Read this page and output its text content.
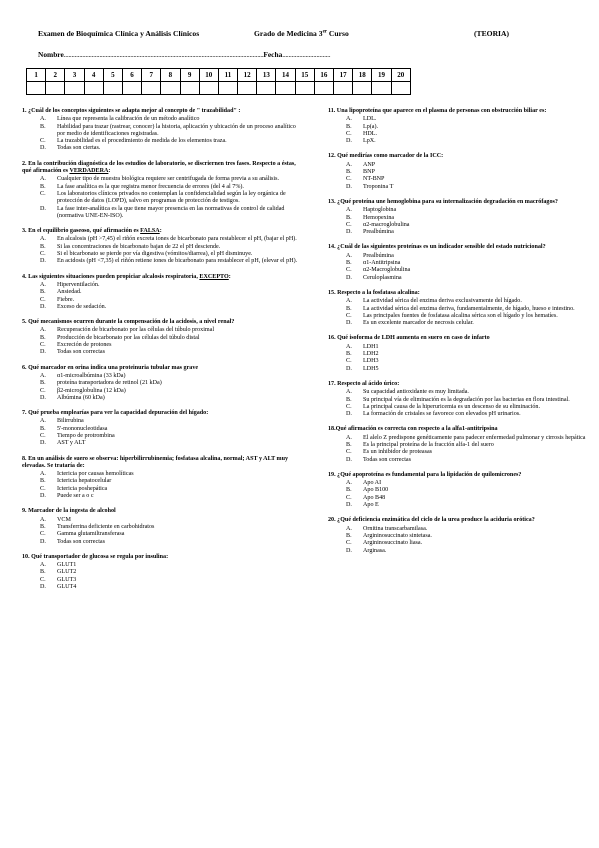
Examen de Bioquímica Clínica y Análisis Clínicos	Grado de Medicina 3er Curso	(TEORIA)
Nombre.................................................................................................................................Fecha...............................
1	2	3	4	5	6	7	8	9	10	11	12	13	14	15	16	17	18	19	20

1. ¿Cuál de los conceptos siguientes se adapta mejor al concepto de " trazabilidad" :
A.	Línea que representa la calibración de un método analítico
B.	Habilidad para trazar (rastrear, conocer) la historia, aplicación y ubicación de un proceso analítico por medio de identificaciones registradas.
C.	La trazabilidad es el procedimiento de medida de los elementos traza.
D.	Todas son ciertas.
2. En la contribución diagnóstica de los estudios de laboratorio, se discriernen tres fases. Respecto a éstas, qué afirmación es VERDADERA:
A.	Cualquier tipo de muestra biológica requiere ser centrifugada de forma previa a su análisis.
B.	La fase analítica es la que registra menor frecuencia de errores (del 4 al 7%).
C.	Los laboratorios clínicos privados no contemplan la confidencialidad según la ley orgánica de protección de datos (LOPD), salvo en programas de protección de testigos.
D.	La fase inter-analítica es la que tiene mayor presencia en las normativas de control de calidad (normativa UNE-EN-ISO).
3. En el equilibrio gaseoso, qué afirmación es FALSA:
A.	En alcalosis (pH >7,45) el riñón excreta iones de bicarbonato para restablecer el pH, (bajar el pH).
B.	Si las concentraciones de bicarbonato bajan de 22 el pH desciende.
C.	Si el bicarbonato se pierde por vía digestiva (vómitos/diarrea), el pH disminuye.
D.	En acidosis (pH <7,35) el riñón retiene iones de bicarbonato para restablecer el pH, (elevar el pH).
4. Las siguientes situaciones pueden propiciar alcalosis respiratoria, EXCEPTO:
A.	Hiperventilación.
B.	Ansiedad.
C.	Fiebre.
D.	Exceso de sedación.
5. Qué mecanismos ocurren durante la compensación de la acidosis, a nivel renal?
A.	Recuperación de bicarbonato por las células del túbulo proximal
B.	Producción de bicarbonato por las células del túbulo distal
C.	Excreción de protones
D.	Todas son correctas
6. Qué marcador en orina indica una proteinuria tubular mas grave
A.	α1-microalbúmina (33 kDa)
B.	proteína transportadora de retinol (21 kDa)
C.	β2-microglobulina (12 kDa)
D.	Albúmina (60 kDa)
7. Qué prueba emplearías para ver la capacidad depuración del hígado:
A.	Bilirrubina
B.	5'-mononucleotidasa
C.	Tiempo de protrombina
D.	AST y ALT
8. En un análisis de suero se observa: hiperbilirrubinemia; fosfatasa alcalina, normal; AST y ALT muy elevadas. Se trataría de:
A.	Ictericia por causas hemolíticas
B.	Ictericia hepatocelular
C.	Ictericia poshepática
D.	Puede ser a o c
9. Marcador de la ingesta de alcohol
A.	VCM
B.	Transferrina deficiente en carbohidratos
C.	Gamma glutamiltransferasa
D.	Todas son correctas
10. Qué transportador de glucosa se regula por insulina:
A.	GLUT1
B.	GLUT2
C.	GLUT3
D.	GLUT4
11. Una lipoproteína que aparece en el plasma de personas con obstrucción biliar es:
A.	LDL.
B.	Lp(a).
C.	HDL.
D.	LpX.
12. Qué medirías como marcador de la ICC:
A.	ANP
B.	BNP
C.	NT-BNP
D.	Troponina T
13. ¿Qué proteína une hemoglobina para su internalización degradación en macrófagos?
A.	Haptoglobina
B.	Hemopexina
C.	α2-macroglobulina
D.	Prealbúmina
14. ¿Cuál de las siguientes proteínas es un indicador sensible del estado nutricional?
A.	Prealbúmina
B.	α1-Antitripsina
C.	α2-Macroglobulina
D.	Ceruloplasmina
15. Respecto a la fosfatasa alcalina:
A.	La actividad sérica del enzima deriva exclusivamente del hígado.
B.	La actividad sérica del enzima deriva, fundamentalmente, de hígado, hueso e intestino.
C.	Las principales fuentes de fosfatasa alcalina sérica son el hígado y los hematíes.
D.	Es un excelente marcador de necrosis celular.
16. Qué isoforma de LDH aumenta en suero en caso de infarto
A.	LDH1
B.	LDH2
C.	LDH3
D.	LDH5
17. Respecto al ácido úrico:
A.	Su capacidad antioxidante es muy limitada.
B.	Su principal vía de eliminación es la degradación por las bacterias en flora intestinal.
C.	La principal causa de la hiperuricemia es un descenso de su eliminación.
D.	La formación de cristales se favorece con elevados pH urinarios.
18.Qué afirmación es correcta con respecto a la alfa1-antitripsina
A.	El alelo Z predispone genéticamente para padecer enfermedad pulmonar y cirrosis hepática
B.	Es la principal proteína de la fracción alfa-1 del suero
C.	Es un inhibidor de proteasas
D.	Todas son correctas
19. ¿Qué apoproteína es fundamental para la lipidación de quilomicrones?
A.	Apo AI
B.	Apo B100
C.	Apo B48
D.	Apo E
20. ¿Qué deficiencia enzimática del ciclo de la urea produce la aciduria orótica?
A.	Ornitina transcarbamilasa.
B.	Argininosuccinato sintetasa.
C.	Argininosuccinato liasa.
D.	Arginasa.
